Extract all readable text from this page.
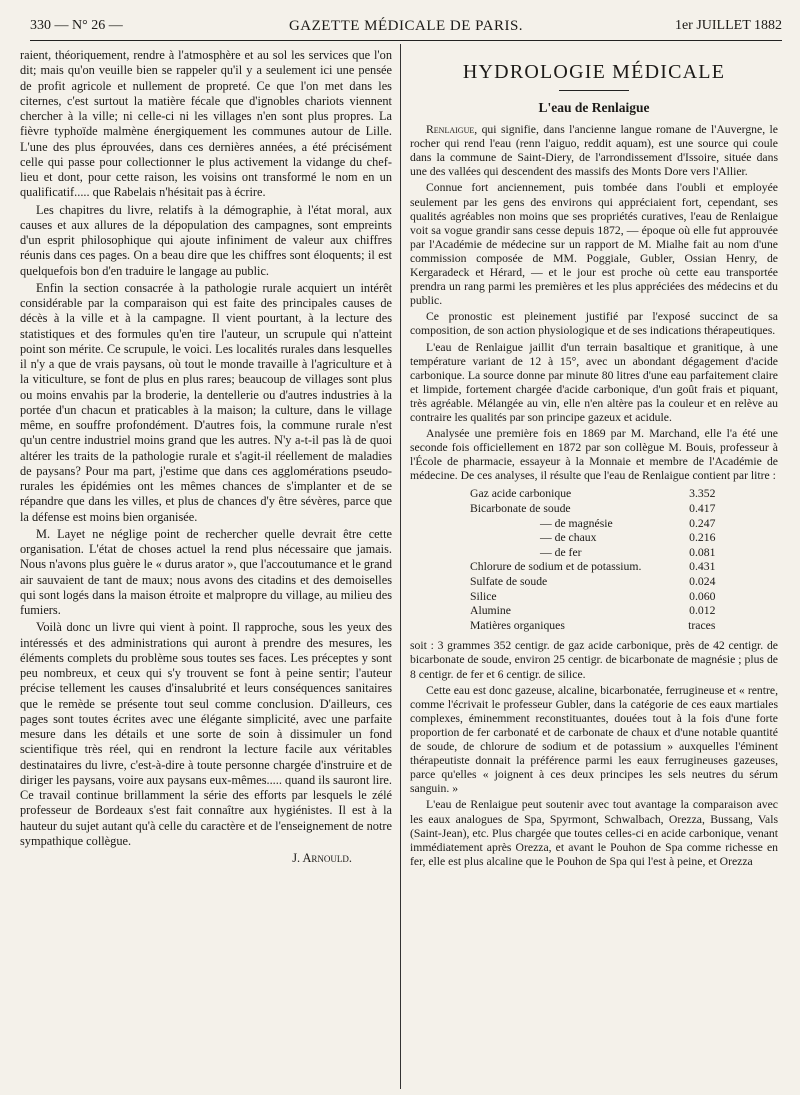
330 — N° 26 —	GAZETTE MÉDICALE DE PARIS.	1er JUILLET 1882

raient, théoriquement, rendre à l'atmosphère et au sol les services que l'on dit; mais qu'on veuille bien se rappeler qu'il y a seulement ici une pensée de profit agricole et nullement de propreté. Ce que l'on met dans les citernes, c'est surtout la matière fécale que d'ignobles chariots viennent chercher à la ville; ni celle-ci ni les villages n'en sont plus propres. La fièvre typhoïde malmène énergiquement les communes autour de Lille. L'une des plus éprouvées, dans ces dernières années, a été précisément celle qui passe pour collectionner le plus activement la vidange du chef-lieu et dont, pour cette raison, les voisins ont transformé le nom en un qualificatif..... que Rabelais n'hésitait pas à écrire.

Les chapitres du livre, relatifs à la démographie, à l'état moral, aux causes et aux allures de la dépopulation des campagnes, sont empreints d'un esprit philosophique qui ajoute infiniment de valeur aux chiffres réunis dans ces pages. On a beau dire que les chiffres sont éloquents; il est quelquefois bon d'en traduire le langage au public.

Enfin la section consacrée à la pathologie rurale acquiert un intérêt considérable par la comparaison qui est faite des principales causes de décès à la ville et à la campagne. Il vient pourtant, à la lecture des statistiques et des formules qu'en tire l'auteur, un scrupule qui n'atteint point son mérite. Ce scrupule, le voici. Les localités rurales dans lesquelles il n'y a que de vrais paysans, où tout le monde travaille à l'agriculture et à la viticulture, se font de plus en plus rares; beaucoup de villages sont plus ou moins envahis par la broderie, la dentellerie ou d'autres industries à la portée d'un chacun et praticables à la maison; la culture, dans le village même, en souffre profondément. D'autres fois, la commune rurale n'est qu'un centre industriel moins grand que les autres. N'y a-t-il pas là de quoi altérer les traits de la pathologie rurale et s'agit-il réellement de maladies de paysans? Pour ma part, j'estime que dans ces agglomérations pseudo-rurales les épidémies ont les mêmes chances de s'implanter et de se répandre que dans les villes, et plus de chances d'y être sévères, parce que la défense est moins bien organisée.

M. Layet ne néglige point de rechercher quelle devrait être cette organisation. L'état de choses actuel la rend plus nécessaire que jamais. Nous n'avons plus guère le « durus arator », que l'accoutumance et le grand air sauvaient de tant de maux; nous avons des citadins et des demoiselles qui sont logés dans la maison étroite et malpropre du village, au milieu des fumiers.

Voilà donc un livre qui vient à point. Il rapproche, sous les yeux des intéressés et des administrations qui auront à prendre des mesures, les éléments complets du problème sous toutes ses faces. Les préceptes y sont peu nombreux, et ceux qui s'y trouvent se font à peine sentir; l'auteur précise tellement les causes d'insalubrité et leurs conséquences sanitaires que le remède se présente tout seul comme conclusion. D'ailleurs, ces pages sont toutes écrites avec une élégante simplicité, avec une parfaite mesure dans les détails et une sorte de soin à dissimuler un fond scientifique très réel, qui en rendront la lecture facile aux véritables destinataires du livre, c'est-à-dire à toute personne chargée d'instruire et de diriger les paysans, voire aux paysans eux-mêmes..... quand ils sauront lire. Ce travail continue brillamment la série des efforts par lesquels le zélé professeur de Bordeaux s'est fait connaître aux hygiénistes. Il est à la hauteur du sujet autant qu'à celle du caractère et de l'enseignement de notre sympathique collègue.

J. Arnould.

HYDROLOGIE MÉDICALE
L'eau de Renlaigue

Renlaigue, qui signifie, dans l'ancienne langue romane de l'Auvergne, le rocher qui rend l'eau (renn l'aiguo, reddit aquam), est une source qui coule dans la commune de Saint-Diery, de l'arrondissement d'Issoire, située dans une des vallées qui descendent des massifs des Monts Dore vers l'Allier.

Connue fort anciennement, puis tombée dans l'oubli et employée seulement par les gens des environs qui appréciaient fort, cependant, ses qualités agréables non moins que ses propriétés curatives, l'eau de Renlaigue voit sa vogue grandir sans cesse depuis 1872, — époque où elle fut approuvée par l'Académie de médecine sur un rapport de M. Mialhe fait au nom d'une commission composée de MM. Poggiale, Gubler, Ossian Henry, de Kergaradeck et Hérard, — et le jour est proche où cette eau transportée prendra un rang parmi les premières et les plus appréciées des médecins et du public.

Ce pronostic est pleinement justifié par l'exposé succinct de sa composition, de son action physiologique et de ses indications thérapeutiques.

L'eau de Renlaigue jaillit d'un terrain basaltique et granitique, à une température variant de 12 à 15°, avec un abondant dégagement d'acide carbonique. La source donne par minute 80 litres d'une eau parfaitement claire et limpide, fortement chargée d'acide carbonique, d'un goût frais et piquant, très agréable. Mélangée au vin, elle n'en altère pas la couleur et en relève au contraire les qualités par son principe gazeux et acidule.

Analysée une première fois en 1869 par M. Marchand, elle l'a été une seconde fois officiellement en 1872 par son collègue M. Bouis, professeur à l'École de pharmacie, essayeur à la Monnaie et membre de l'Académie de médecine. De ces analyses, il résulte que l'eau de Renlaigue contient par litre :

Gaz acide carbonique	3.352
Bicarbonate de soude	0.417
— de magnésie	0.247
— de chaux	0.216
— de fer	0.081
Chlorure de sodium et de potassium.	0.431
Sulfate de soude	0.024
Silice	0.060
Alumine	0.012
Matières organiques	traces

soit : 3 grammes 352 centigr. de gaz acide carbonique, près de 42 centigr. de bicarbonate de soude, environ 25 centigr. de bicarbonate de magnésie ; plus de 8 centigr. de fer et 6 centigr. de silice.

Cette eau est donc gazeuse, alcaline, bicarbonatée, ferrugineuse et « rentre, comme l'écrivait le professeur Gubler, dans la catégorie de ces eaux martiales complexes, éminemment reconstituantes, douées tout à la fois d'une forte proportion de fer carbonaté et de carbonate de chaux et d'une notable quantité de soude, de chlorure de sodium et de potassium » auxquelles l'éminent thérapeutiste donnait la préférence parmi les eaux ferrugineuses gazeuses, parce qu'elles « joignent à ces deux principes les sels neutres du sérum sanguin. »

L'eau de Renlaigue peut soutenir avec tout avantage la comparaison avec les eaux analogues de Spa, Spyrmont, Schwalbach, Orezza, Bussang, Vals (Saint-Jean), etc. Plus chargée que toutes celles-ci en acide carbonique, venant immédiatement après Orezza, et avant le Pouhon de Spa comme richesse en fer, elle est plus alcaline que le Pouhon de Spa qui l'est à peine, et Orezza
